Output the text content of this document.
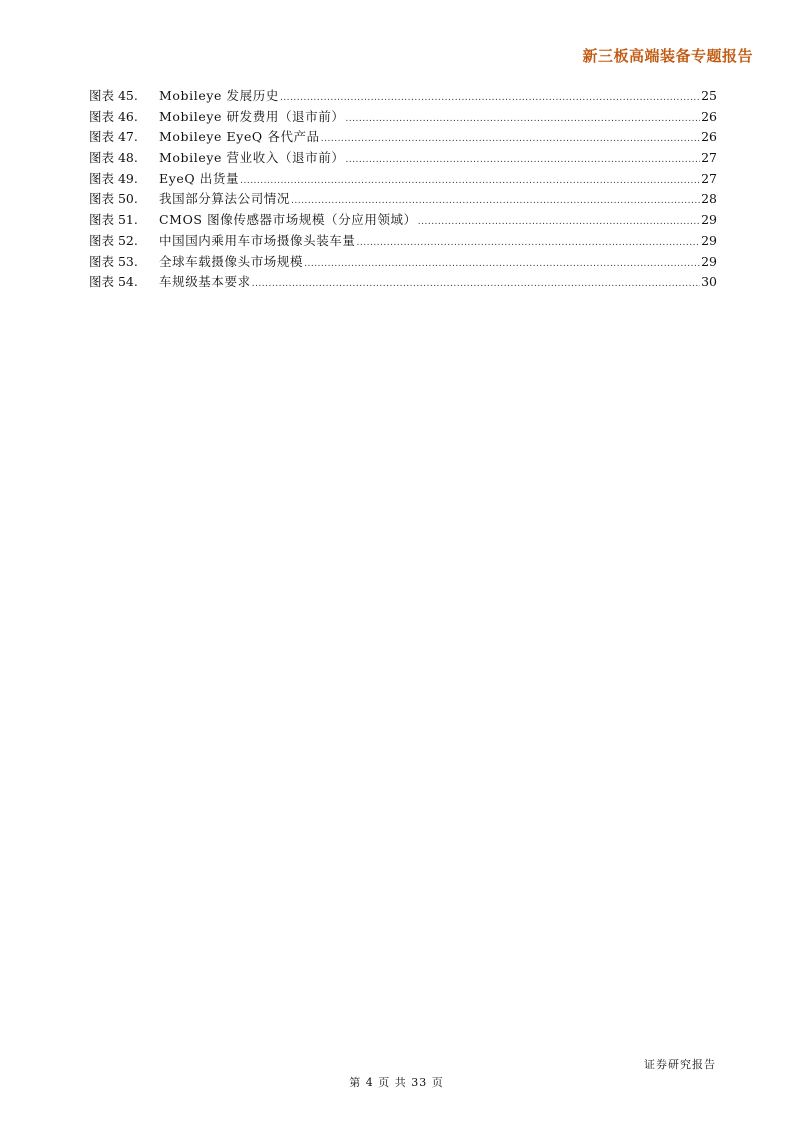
新三板高端装备专题报告
图表 45.	Mobileye 发展历史 .....	25
图表 46.	Mobileye 研发费用（退市前） .....	26
图表 47.	Mobileye EyeQ 各代产品 .....	26
图表 48.	Mobileye 营业收入（退市前） .....	27
图表 49.	EyeQ 出货量 .....	27
图表 50.	我国部分算法公司情况 .....	28
图表 51.	CMOS 图像传感器市场规模（分应用领域） .....	29
图表 52.	中国国内乘用车市场摄像头装车量 .....	29
图表 53.	全球车载摄像头市场规模 .....	29
图表 54.	车规级基本要求 .....	30
证券研究报告
第 4 页 共 33 页
